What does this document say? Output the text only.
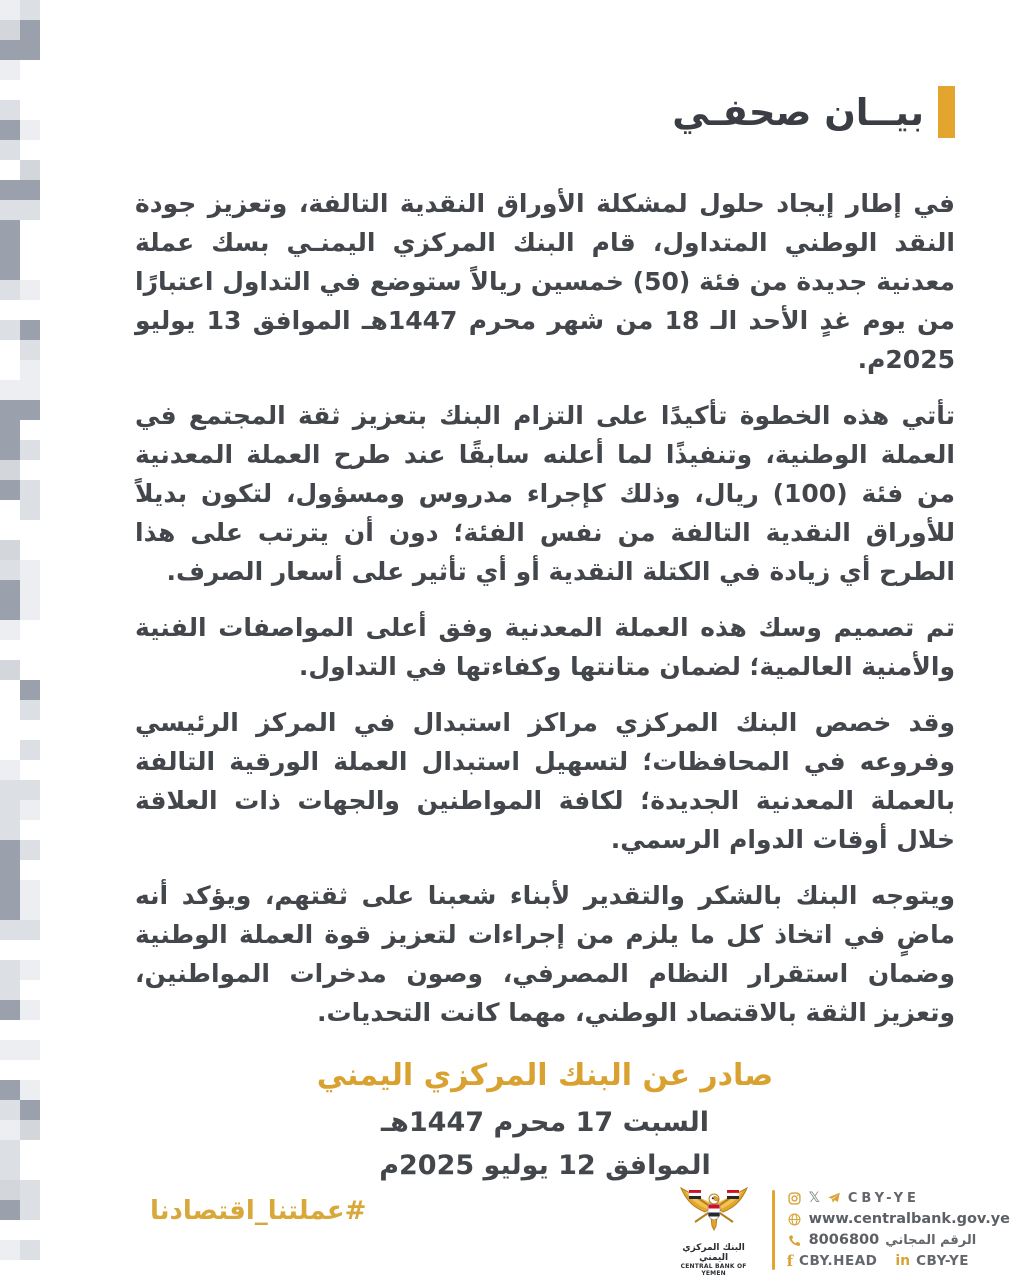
بيــان صحفـي

في إطار إيجاد حلول لمشكلة الأوراق النقدية التالفة، وتعزيز جودة النقد الوطني المتداول، قام البنك المركزي اليمنـي بسك عملة معدنية جديدة من فئة (50) خمسين ريالاً ستوضع في التداول اعتبارًا من يوم غدٍ الأحد الـ 18 من شهر محرم 1447هـ الموافق 13 يوليو 2025م.

تأتي هذه الخطوة تأكيدًا على التزام البنك بتعزيز ثقة المجتمع في العملة الوطنية، وتنفيذًا لما أعلنه سابقًا عند طرح العملة المعدنية من فئة (100) ريال، وذلك كإجراء مدروس ومسؤول، لتكون بديلاً للأوراق النقدية التالفة من نفس الفئة؛ دون أن يترتب على هذا الطرح أي زيادة في الكتلة النقدية أو أي تأثير على أسعار الصرف.

تم تصميم وسك هذه العملة المعدنية وفق أعلى المواصفات الفنية والأمنية العالمية؛ لضمان متانتها وكفاءتها في التداول.

وقد خصص البنك المركزي مراكز استبدال في المركز الرئيسي وفروعه في المحافظات؛ لتسهيل استبدال العملة الورقية التالفة بالعملة المعدنية الجديدة؛ لكافة المواطنين والجهات ذات العلاقة خلال أوقات الدوام الرسمي.

ويتوجه البنك بالشكر والتقدير لأبناء شعبنا على ثقتهم، ويؤكد أنه ماضٍ في اتخاذ كل ما يلزم من إجراءات لتعزيز قوة العملة الوطنية وضمان استقرار النظام المصرفي، وصون مدخرات المواطنين، وتعزيز الثقة بالاقتصاد الوطني، مهما كانت التحديات.

صادر عن البنك المركزي اليمني
السبت 17 محرم 1447هـ
الموافق 12 يوليو 2025م
#عملتنا_اقتصادنا
البنك المركزي اليمني
CENTRAL BANK OF YEMEN
𝕏 CBY-YE
www.centralbank.gov.ye
8006800 الرقم المجاني
f CBY.HEAD in CBY-YE
